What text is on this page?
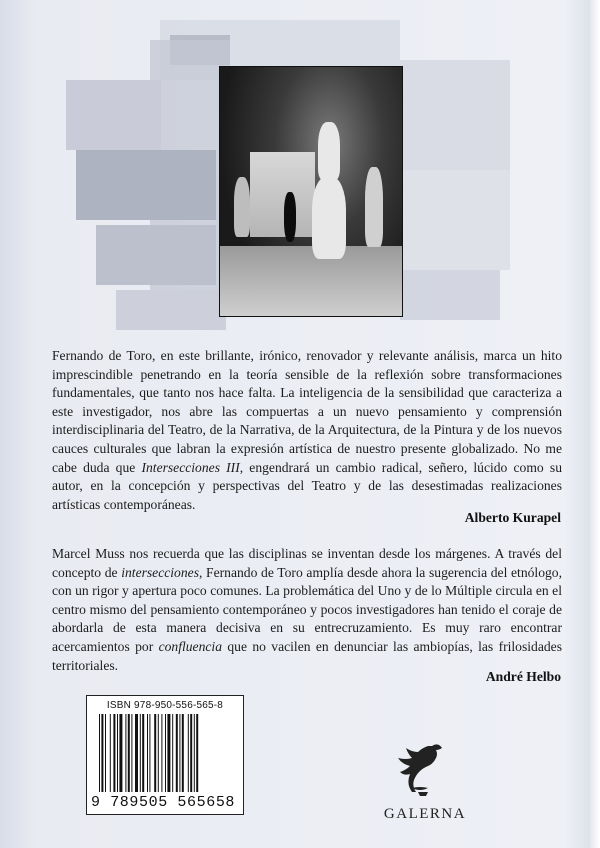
Fernando de Toro, en este brillante, irónico, renovador y relevante análisis, marca un hito imprescindible penetrando en la teoría sensible de la reflexión sobre transformaciones fundamentales, que tanto nos hace falta. La inteligencia de la sensibilidad que caracteriza a este investigador, nos abre las compuertas a un nuevo pensamiento y comprensión interdisciplinaria del Teatro, de la Narrativa, de la Arquitectura, de la Pintura y de los nuevos cauces culturales que labran la expresión artística de nuestro presente globalizado. No me cabe duda que Intersecciones III, engendrará un cambio radical, señero, lúcido como su autor, en la concepción y perspectivas del Teatro y de las desestimadas realizaciones artísticas contemporáneas.
Alberto Kurapel
Marcel Muss nos recuerda que las disciplinas se inventan desde los márgenes. A través del concepto de intersecciones, Fernando de Toro amplía desde ahora la sugerencia del etnólogo, con un rigor y apertura poco comunes. La problemática del Uno y de lo Múltiple circula en el centro mismo del pensamiento contemporáneo y pocos investigadores han tenido el coraje de abordarla de esta manera decisiva en su entrecruzamiento. Es muy raro encontrar acercamientos por confluencia que no vacilen en denunciar las ambiopías, las frilosidades territoriales.
André Helbo
ISBN 978-950-556-565-8
9 789505 565658
GALERNA
